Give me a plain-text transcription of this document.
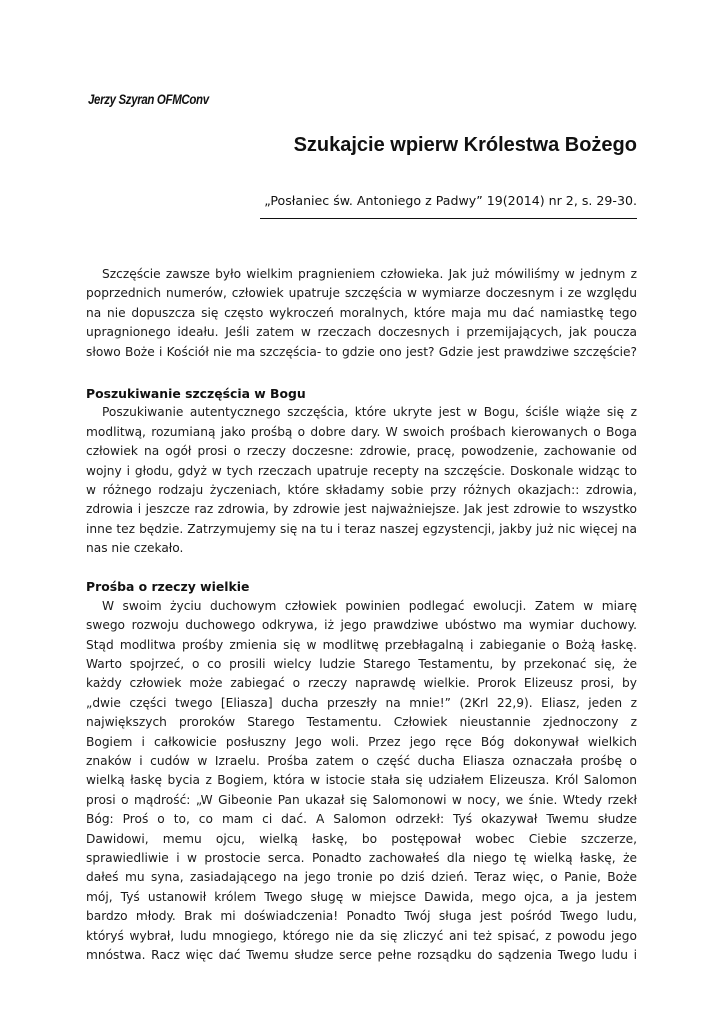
Jerzy Szyran OFMConv
Szukajcie wpierw Królestwa Bożego
„Posłaniec św. Antoniego z Padwy” 19(2014) nr 2, s. 29-30.
Szczęście zawsze było wielkim pragnieniem człowieka. Jak już mówiliśmy w jednym z
poprzednich numerów, człowiek upatruje szczęścia w wymiarze doczesnym i ze względu
na nie dopuszcza się często wykroczeń moralnych, które maja mu dać namiastkę tego
upragnionego ideału. Jeśli zatem w rzeczach doczesnych i przemijających, jak poucza
słowo Boże i Kościół nie ma szczęścia- to gdzie ono jest? Gdzie jest prawdziwe szczęście?
Poszukiwanie szczęścia w Bogu
Poszukiwanie autentycznego szczęścia, które ukryte jest w Bogu, ściśle wiąże się z
modlitwą, rozumianą jako prośbą o dobre dary. W swoich prośbach kierowanych o Boga
człowiek na ogół prosi o rzeczy doczesne: zdrowie, pracę, powodzenie, zachowanie od
wojny i głodu, gdyż w tych rzeczach upatruje recepty na szczęście. Doskonale widząc to
w różnego rodzaju życzeniach, które składamy sobie przy różnych okazjach:: zdrowia,
zdrowia i jeszcze raz zdrowia, by zdrowie jest najważniejsze. Jak jest zdrowie to wszystko
inne tez będzie. Zatrzymujemy się na tu i teraz naszej egzystencji, jakby już nic więcej na
nas nie czekało.
Prośba o rzeczy wielkie
W swoim życiu duchowym człowiek powinien podlegać ewolucji. Zatem w miarę
swego rozwoju duchowego odkrywa, iż jego prawdziwe ubóstwo ma wymiar duchowy.
Stąd modlitwa prośby zmienia się w modlitwę przebłagalną i zabieganie o Bożą łaskę.
Warto spojrzeć, o co prosili wielcy ludzie Starego Testamentu, by przekonać się, że
każdy człowiek może zabiegać o rzeczy naprawdę wielkie. Prorok Elizeusz prosi, by
„dwie części twego [Eliasza] ducha przeszły na mnie!” (2Krl 22,9). Eliasz, jeden z
największych proroków Starego Testamentu. Człowiek nieustannie zjednoczony z
Bogiem i całkowicie posłuszny Jego woli. Przez jego ręce Bóg dokonywał wielkich
znaków i cudów w Izraelu. Prośba zatem o część ducha Eliasza oznaczała prośbę o
wielką łaskę bycia z Bogiem, która w istocie stała się udziałem Elizeusza. Król Salomon
prosi o mądrość: „W Gibeonie Pan ukazał się Salomonowi w nocy, we śnie. Wtedy rzekł
Bóg: Proś o to, co mam ci dać. A Salomon odrzekł: Tyś okazywał Twemu słudze
Dawidowi, memu ojcu, wielką łaskę, bo postępował wobec Ciebie szczerze,
sprawiedliwie i w prostocie serca. Ponadto zachowałeś dla niego tę wielką łaskę, że
dałeś mu syna, zasiadającego na jego tronie po dziś dzień. Teraz więc, o Panie, Boże
mój, Tyś ustanowił królem Twego sługę w miejsce Dawida, mego ojca, a ja jestem
bardzo młody. Brak mi doświadczenia! Ponadto Twój sługa jest pośród Twego ludu,
któryś wybrał, ludu mnogiego, którego nie da się zliczyć ani też spisać, z powodu jego
mnóstwa. Racz więc dać Twemu słudze serce pełne rozsądku do sądzenia Twego ludu i
